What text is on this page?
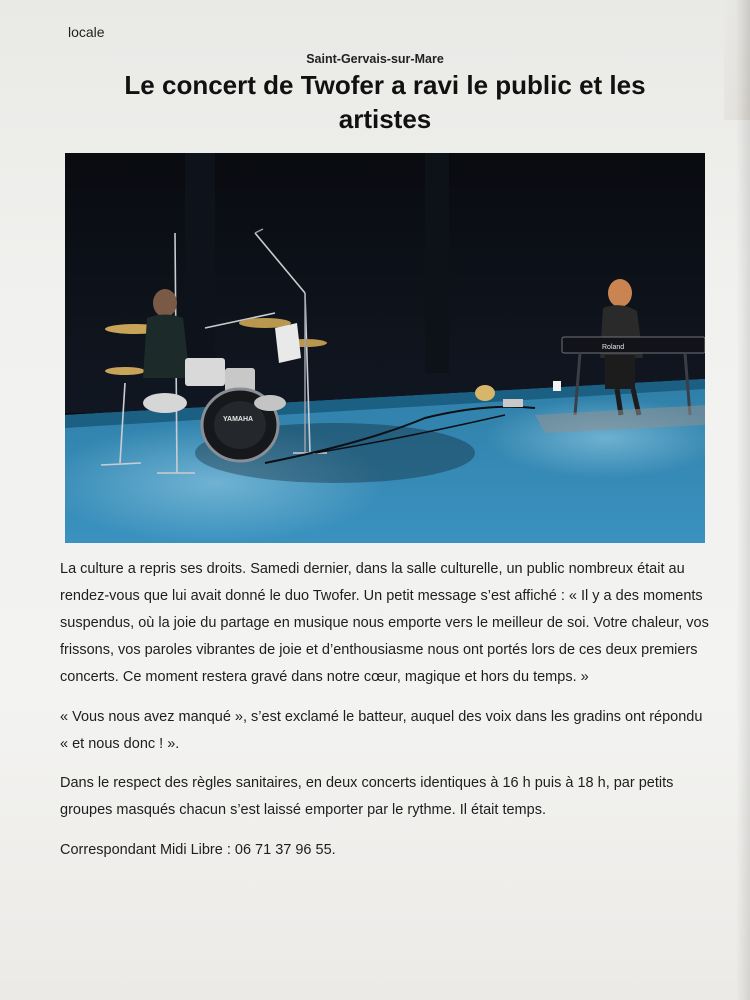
locale
Saint-Gervais-sur-Mare
Le concert de Twofer a ravi le public et les artistes
YAMAHA
Roland

La culture a repris ses droits. Samedi dernier, dans la salle culturelle, un public nombreux était au rendez-vous que lui avait donné le duo Twofer. Un petit message s’est affiché : « Il y a des moments suspendus, où la joie du partage en musique nous emporte vers le meilleur de soi. Votre chaleur, vos frissons, vos paroles vibrantes de joie et d’enthousiasme nous ont portés lors de ces deux premiers concerts. Ce moment restera gravé dans notre cœur, magique et hors du temps. »

« Vous nous avez manqué », s’est exclamé le batteur, auquel des voix dans les gradins ont répondu « et nous donc ! ».

Dans le respect des règles sanitaires, en deux concerts identiques à 16 h puis à 18 h, par petits groupes masqués chacun s’est laissé emporter par le rythme. Il était temps.

Correspondant Midi Libre : 06 71 37 96 55.
